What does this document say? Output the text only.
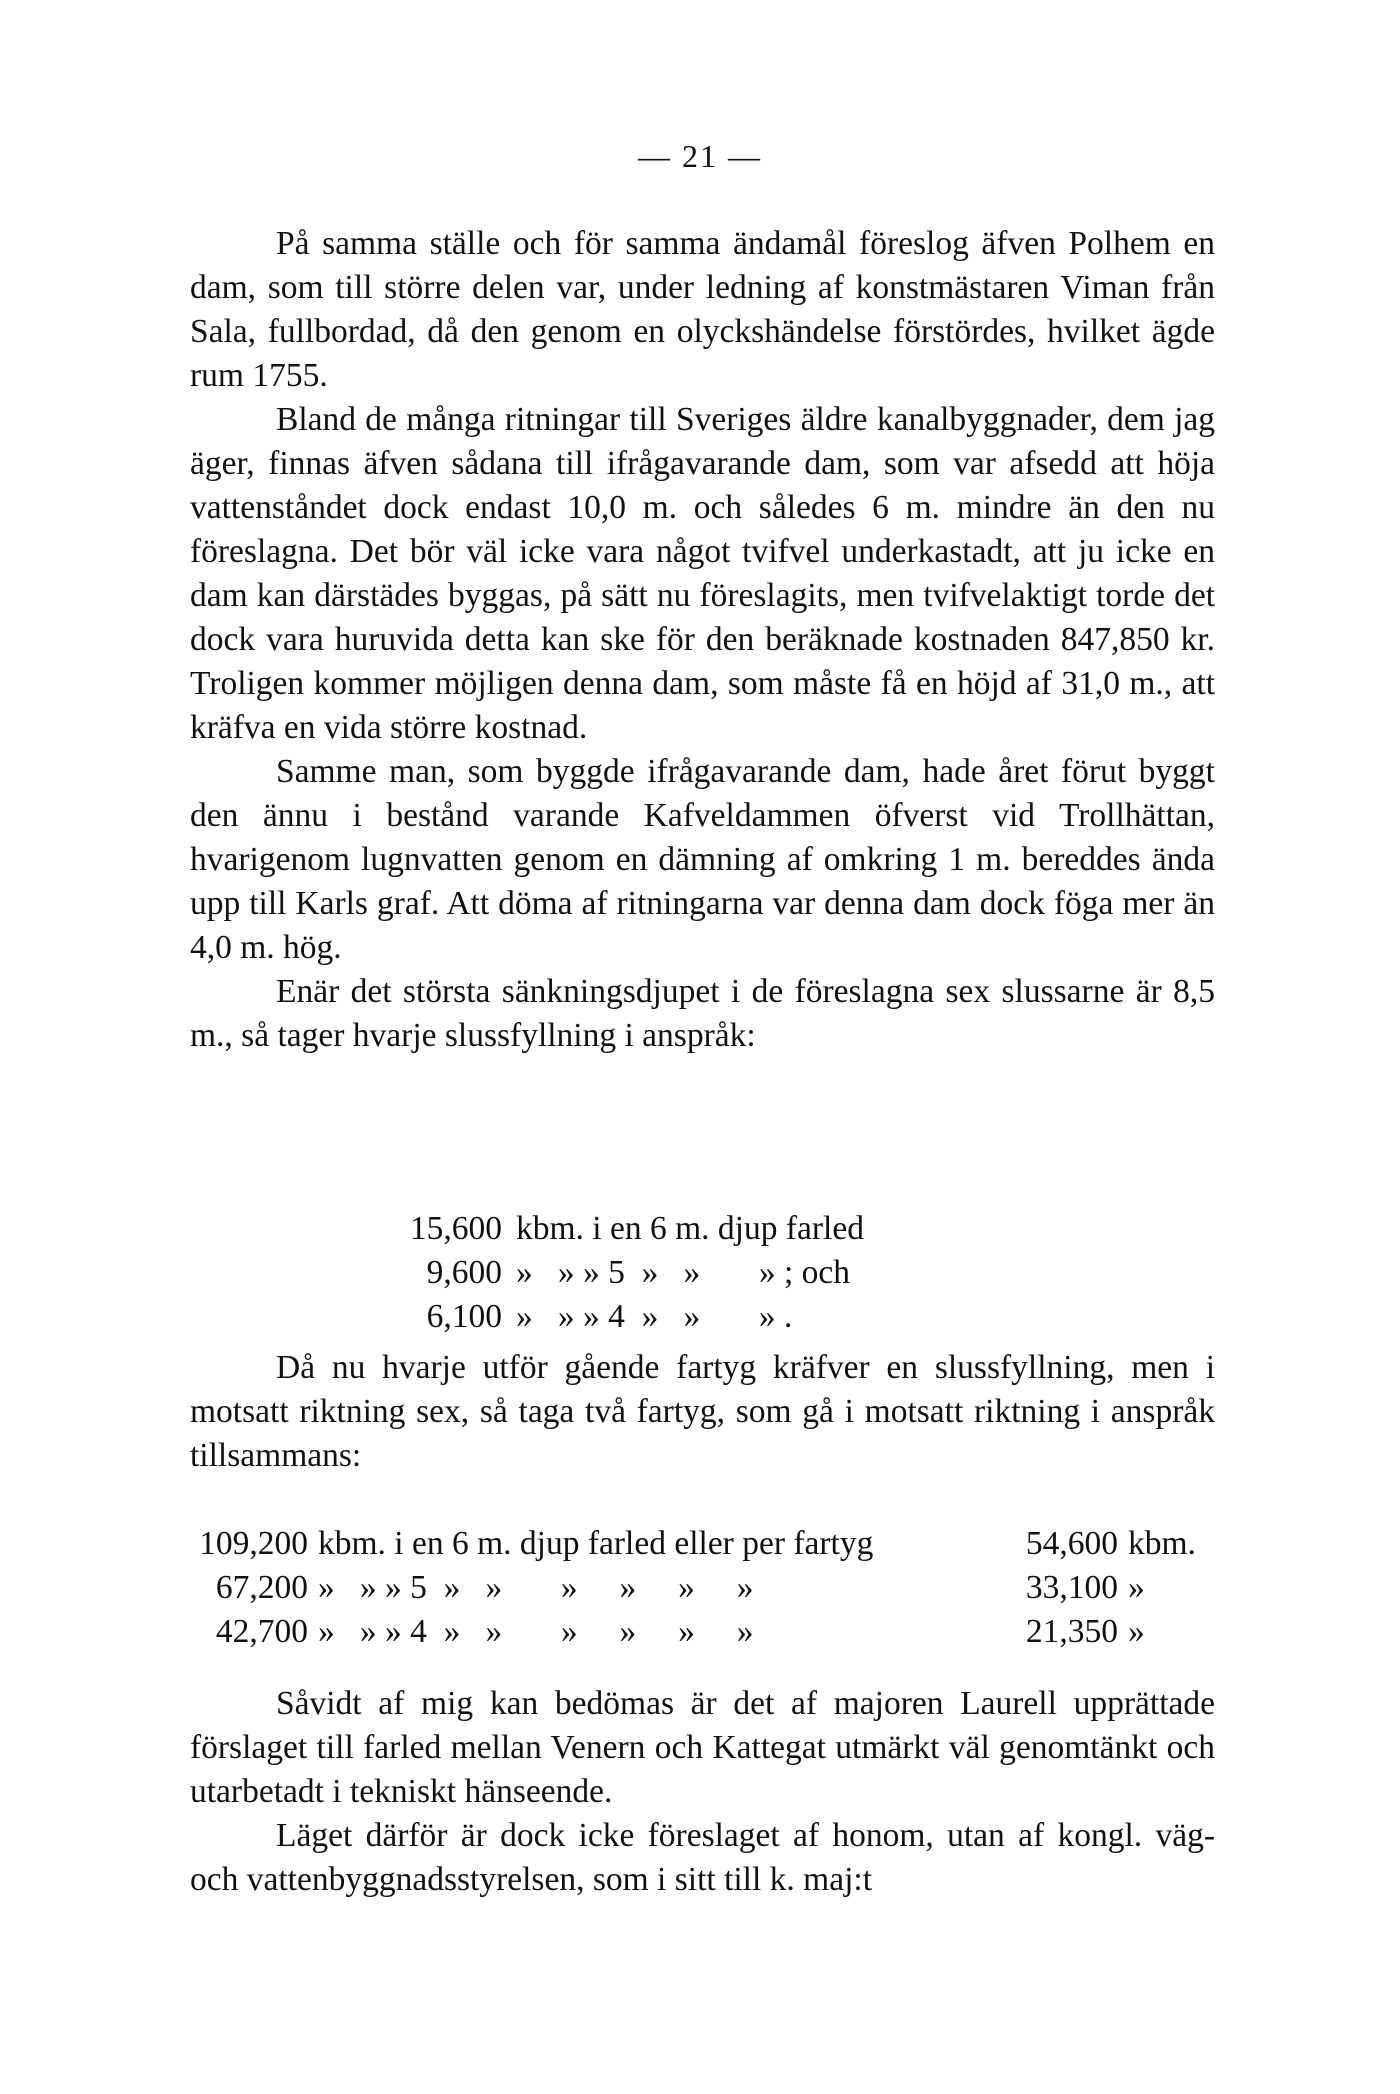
— 21 —

På samma ställe och för samma ändamål föreslog äfven Polhem en dam, som till större delen var, under ledning af konstmästaren Viman från Sala, fullbordad, då den genom en olyckshändelse förstördes, hvilket ägde rum 1755.

Bland de många ritningar till Sveriges äldre kanalbyggnader, dem jag äger, finnas äfven sådana till ifrågavarande dam, som var afsedd att höja vattenståndet dock endast 10,0 m. och således 6 m. mindre än den nu föreslagna. Det bör väl icke vara något tvifvel underkastadt, att ju icke en dam kan därstädes byggas, på sätt nu föreslagits, men tvifvelaktigt torde det dock vara huruvida detta kan ske för den beräknade kostnaden 847,850 kr. Troligen kommer möjligen denna dam, som måste få en höjd af 31,0 m., att kräfva en vida större kostnad.

Samme man, som byggde ifrågavarande dam, hade året förut byggt den ännu i bestånd varande Kafveldammen öfverst vid Trollhättan, hvarigenom lugnvatten genom en dämning af omkring 1 m. bereddes ända upp till Karls graf. Att döma af ritningarna var denna dam dock föga mer än 4,0 m. hög.

Enär det största sänkningsdjupet i de föreslagna sex slussarne är 8,5 m., så tager hvarje slussfyllning i anspråk:

15,600 kbm. i en 6 m. djup farled
9,600 »   » » 5  »   »       » ; och
6,100 »   » » 4  »   »       » .

Då nu hvarje utför gående fartyg kräfver en slussfyllning, men i motsatt riktning sex, så taga två fartyg, som gå i motsatt riktning i anspråk tillsammans:

109,200 kbm. i en 6 m. djup farled eller per fartyg	54,600 kbm.
67,200 »   » » 5  »   »       »     »     »     »	33,100 »
42,700 »   » » 4  »   »       »     »     »     »	21,350 »

Såvidt af mig kan bedömas är det af majoren Laurell upprättade förslaget till farled mellan Venern och Kattegat utmärkt väl genomtänkt och utarbetadt i tekniskt hänseende.

Läget därför är dock icke föreslaget af honom, utan af kongl. väg- och vattenbyggnadsstyrelsen, som i sitt till k. maj:t
